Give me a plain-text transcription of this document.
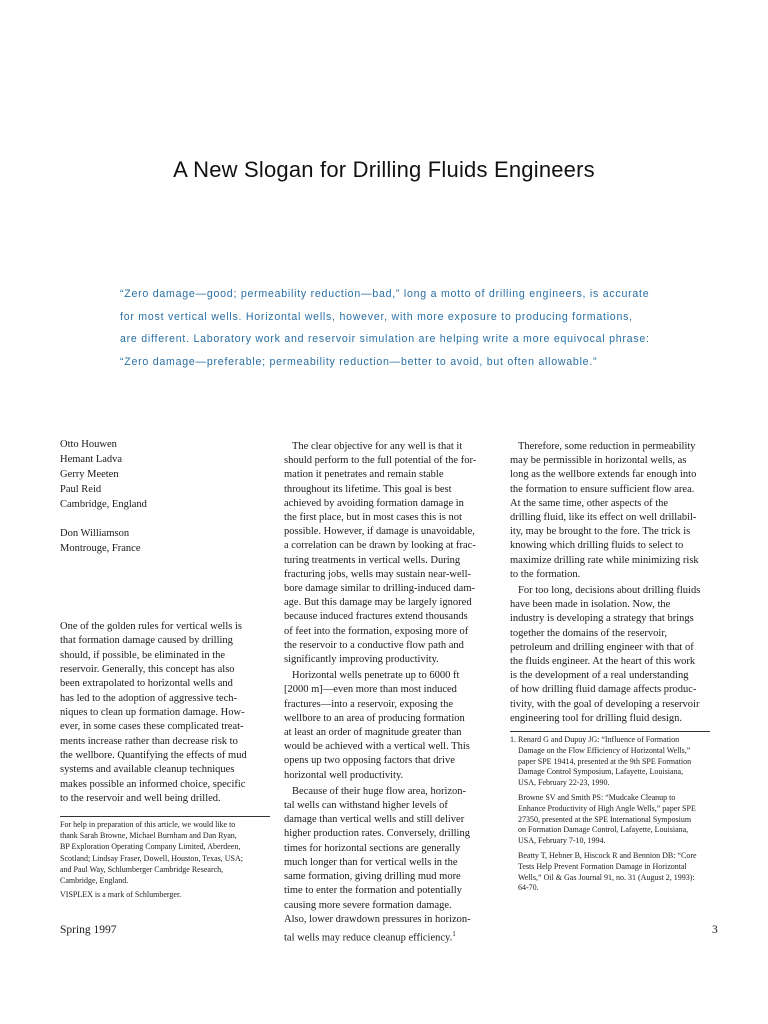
A New Slogan for Drilling Fluids Engineers

“Zero damage—good; permeability reduction—bad,” long a motto of drilling engineers, is accurate

for most vertical wells. Horizontal wells, however, with more exposure to producing formations,

are different. Laboratory work and reservoir simulation are helping write a more equivocal phrase:

“Zero damage—preferable; permeability reduction—better to avoid, but often allowable.”

Otto Houwen

Hemant Ladva

Gerry Meeten

Paul Reid

Cambridge, England

Don Williamson

Montrouge, France

One of the golden rules for vertical wells is

that formation damage caused by drilling

should, if possible, be eliminated in the

reservoir. Generally, this concept has also

been extrapolated to horizontal wells and

has led to the adoption of aggressive tech-

niques to clean up formation damage. How-

ever, in some cases these complicated treat-

ments increase rather than decrease risk to

the wellbore. Quantifying the effects of mud

systems and available cleanup techniques

makes possible an informed choice, specific

to the reservoir and well being drilled.

For help in preparation of this article, we would like to

thank Sarah Browne, Michael Burnham and Dan Ryan,

BP Exploration Operating Company Limited, Aberdeen,

Scotland; Lindsay Fraser, Dowell, Houston, Texas, USA;

and Paul Way, Schlumberger Cambridge Research,

Cambridge, England.

VISPLEX is a mark of Schlumberger.

The clear objective for any well is that it

should perform to the full potential of the for-

mation it penetrates and remain stable

throughout its lifetime. This goal is best

achieved by avoiding formation damage in

the first place, but in most cases this is not

possible. However, if damage is unavoidable,

a correlation can be drawn by looking at frac-

turing treatments in vertical wells. During

fracturing jobs, wells may sustain near-well-

bore damage similar to drilling-induced dam-

age. But this damage may be largely ignored

because induced fractures extend thousands

of feet into the formation, exposing more of

the reservoir to a conductive flow path and

significantly improving productivity.

Horizontal wells penetrate up to 6000 ft

[2000 m]—even more than most induced

fractures—into a reservoir, exposing the

wellbore to an area of producing formation

at least an order of magnitude greater than

would be achieved with a vertical well. This

opens up two opposing factors that drive

horizontal well productivity.

Because of their huge flow area, horizon-

tal wells can withstand higher levels of

damage than vertical wells and still deliver

higher production rates. Conversely, drilling

times for horizontal sections are generally

much longer than for vertical wells in the

same formation, giving drilling mud more

time to enter the formation and potentially

causing more severe formation damage.

Also, lower drawdown pressures in horizon-

tal wells may reduce cleanup efficiency.$^1$

Therefore, some reduction in permeability

may be permissible in horizontal wells, as

long as the wellbore extends far enough into

the formation to ensure sufficient flow area.

At the same time, other aspects of the

drilling fluid, like its effect on well drillabil-

ity, may be brought to the fore. The trick is

knowing which drilling fluids to select to

maximize drilling rate while minimizing risk

to the formation.

For too long, decisions about drilling fluids

have been made in isolation. Now, the

industry is developing a strategy that brings

together the domains of the reservoir,

petroleum and drilling engineer with that of

the fluids engineer. At the heart of this work

is the development of a real understanding

of how drilling fluid damage affects produc-

tivity, with the goal of developing a reservoir

engineering tool for drilling fluid design.

1. Renard G and Dupuy JG: “Influence of Formation

Damage on the Flow Efficiency of Horizontal Wells,”

paper SPE 19414, presented at the 9th SPE Formation

Damage Control Symposium, Lafayette, Louisiana,

USA, February 22-23, 1990.

Browne SV and Smith PS: “Mudcake Cleanup to

Enhance Productivity of High Angle Wells,” paper SPE

27350, presented at the SPE International Symposium

on Formation Damage Control, Lafayette, Louisiana,

USA, February 7-10, 1994.

Beatty T, Hebner B, Hiscock R and Bennion DB: “Core

Tests Help Prevent Formation Damage in Horizontal

Wells,” Oil & Gas Journal 91, no. 31 (August 2, 1993):

64-70.

Spring 1997	3
